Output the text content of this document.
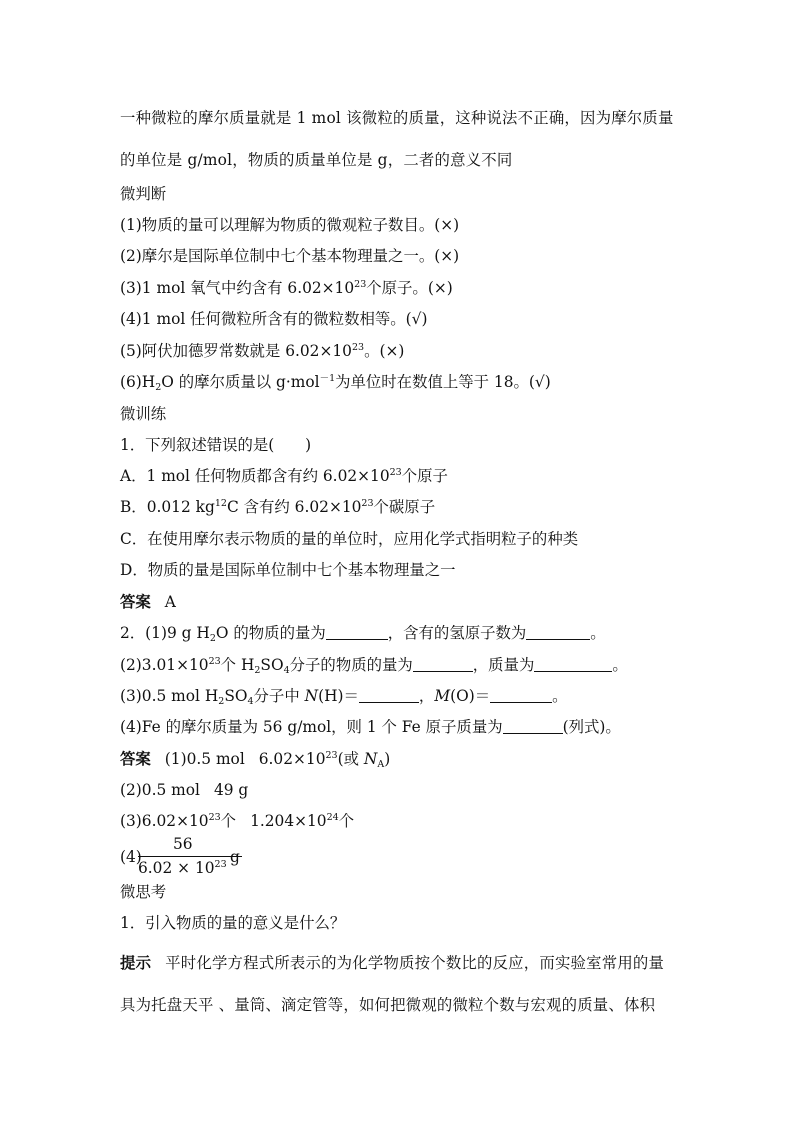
一种微粒的摩尔质量就是 1 mol 该微粒的质量，这种说法不正确，因为摩尔质量
的单位是 g/mol，物质的质量单位是 g，二者的意义不同
微判断
(1)物质的量可以理解为物质的微观粒子数目。(×)
(2)摩尔是国际单位制中七个基本物理量之一。(×)
(3)1 mol 氧气中约含有 $6.02\times 10^{23}$个原子。(×)
(4)1 mol 任何微粒所含有的微粒数相等。(√)
(5)阿伏加德罗常数就是 $6.02\times 10^{23}$。(×)
$(6)H_2O$ 的摩尔质量以 g·mol$^{-1}$为单位时在数值上等于 18。(√)
微训练
1．下列叙述错误的是(　　)
A．1 mol 任何物质都含有约 $6.02\times 10^{23}$个原子
B．0.012 $kg^{12}C$ 含有约 $6.02\times 10^{23}$个碳原子
C．在使用摩尔表示物质的量的单位时，应用化学式指明粒子的种类
D．物质的量是国际单位制中七个基本物理量之一
答案 A
2．(1)9 g $H_2O$ 的物质的量为	，含有的氢原子数为	。
$(2)3.01\times 10^{23}$个 $H_2SO_4$分子的物质的量为	，质量为	。
(3)0.5 mol $H_2SO_4$分子中 N(H)＝	，M(O)＝	。
(4)Fe 的摩尔质量为 56 g/mol，则 1 个 Fe 原子质量为	(列式)。
答案 (1)0.5 mol $6.02\times 10^{23}$(或 $N_A$)
(2)0.5 mol 49 g
$(3)6.02\times 10^{23}$个 $1.204\times 10^{24}$个
(4)
56
$6.02 \times 10^{23}$ g
微思考
1．引入物质的量的意义是什么？
提示 平时化学方程式所表示的为化学物质按个数比的反应，而实验室常用的量
具为托盘天平 、量筒、滴定管等，如何把微观的微粒个数与宏观的质量、体积
